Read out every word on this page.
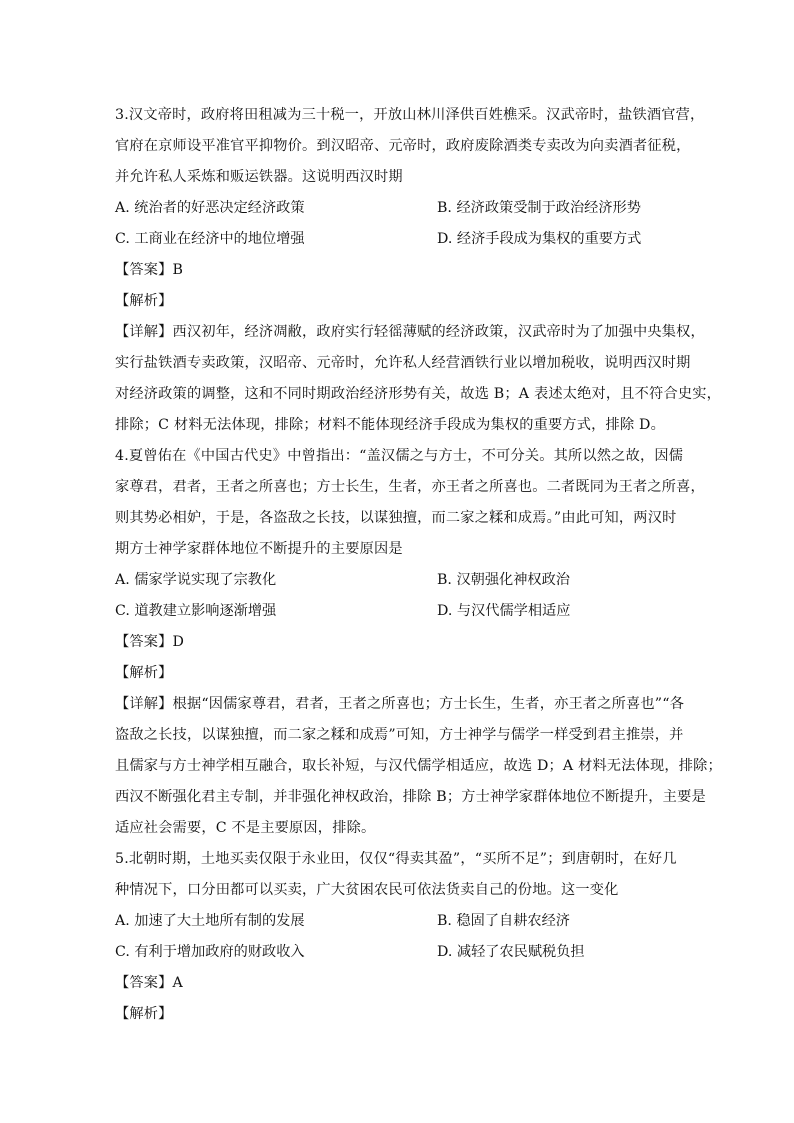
3.汉文帝时，政府将田租减为三十税一，开放山林川泽供百姓樵采。汉武帝时，盐铁酒官营，
官府在京师设平准官平抑物价。到汉昭帝、元帝时，政府废除酒类专卖改为向卖酒者征税，
并允许私人采炼和贩运铁器。这说明西汉时期
A. 统治者的好恶决定经济政策	B. 经济政策受制于政治经济形势
C. 工商业在经济中的地位增强	D. 经济手段成为集权的重要方式
【答案】B
【解析】
【详解】西汉初年，经济凋敝，政府实行轻徭薄赋的经济政策，汉武帝时为了加强中央集权，
实行盐铁酒专卖政策，汉昭帝、元帝时，允许私人经营酒铁行业以增加税收，说明西汉时期
对经济政策的调整，这和不同时期政治经济形势有关，故选 B；A 表述太绝对，且不符合史实，
排除；C 材料无法体现，排除；材料不能体现经济手段成为集权的重要方式，排除 D。
4.夏曾佑在《中国古代史》中曾指出：“盖汉儒之与方士，不可分关。其所以然之故，因儒
家尊君，君者，王者之所喜也；方士长生，生者，亦王者之所喜也。二者既同为王者之所喜，
则其势必相妒，于是，各盗敌之长技，以谋独擅，而二家之糅和成焉。”由此可知，两汉时
期方士神学家群体地位不断提升的主要原因是
A. 儒家学说实现了宗教化	B. 汉朝强化神权政治
C. 道教建立影响逐渐增强	D. 与汉代儒学相适应
【答案】D
【解析】
【详解】根据“因儒家尊君，君者，王者之所喜也；方士长生，生者，亦王者之所喜也”“各
盗敌之长技，以谋独擅，而二家之糅和成焉”可知，方士神学与儒学一样受到君主推崇，并
且儒家与方士神学相互融合，取长补短，与汉代儒学相适应，故选 D；A 材料无法体现，排除；
西汉不断强化君主专制，并非强化神权政治，排除 B；方士神学家群体地位不断提升，主要是
适应社会需要，C 不是主要原因，排除。
5.北朝时期，土地买卖仅限于永业田，仅仅“得卖其盈”，“买所不足”；到唐朝时，在好几
种情况下，口分田都可以买卖，广大贫困农民可依法货卖自己的份地。这一变化
A. 加速了大土地所有制的发展	B. 稳固了自耕农经济
C. 有利于增加政府的财政收入	D. 减轻了农民赋税负担
【答案】A
【解析】
